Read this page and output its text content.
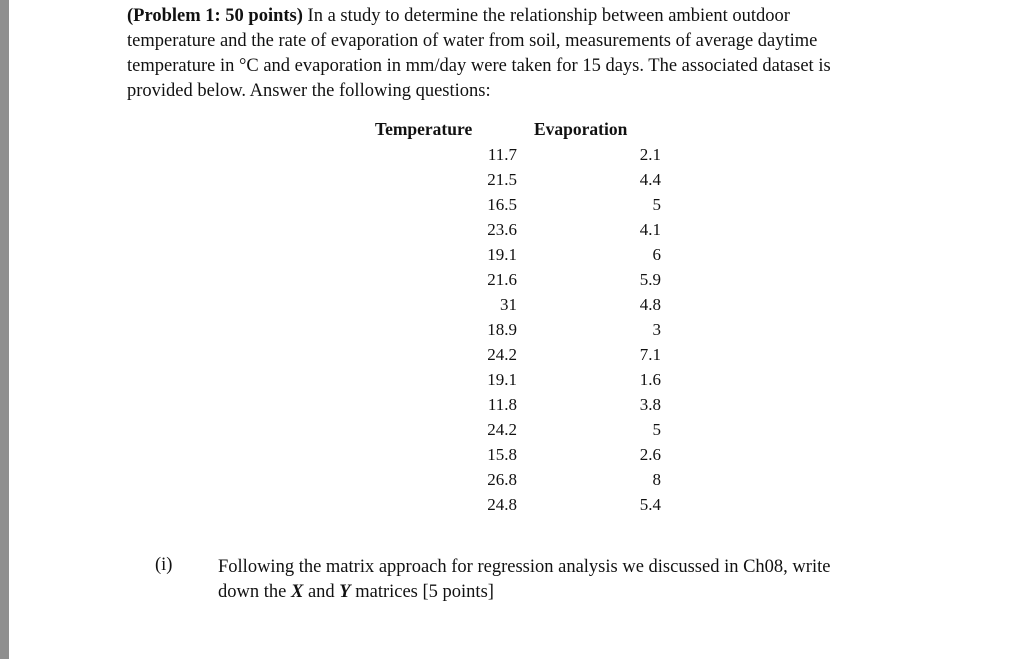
(Problem 1: 50 points) In a study to determine the relationship between ambient outdoor
temperature and the rate of evaporation of water from soil, measurements of average daytime
temperature in °C and evaporation in mm/day were taken for 15 days. The associated dataset is
provided below. Answer the following questions:
Temperature	Evaporation
11.7	2.1
21.5	4.4
16.5	5
23.6	4.1
19.1	6
21.6	5.9
31	4.8
18.9	3
24.2	7.1
19.1	1.6
11.8	3.8
24.2	5
15.8	2.6
26.8	8
24.8	5.4
(i) Following the matrix approach for regression analysis we discussed in Ch08, write
down the X and Y matrices [5 points]
